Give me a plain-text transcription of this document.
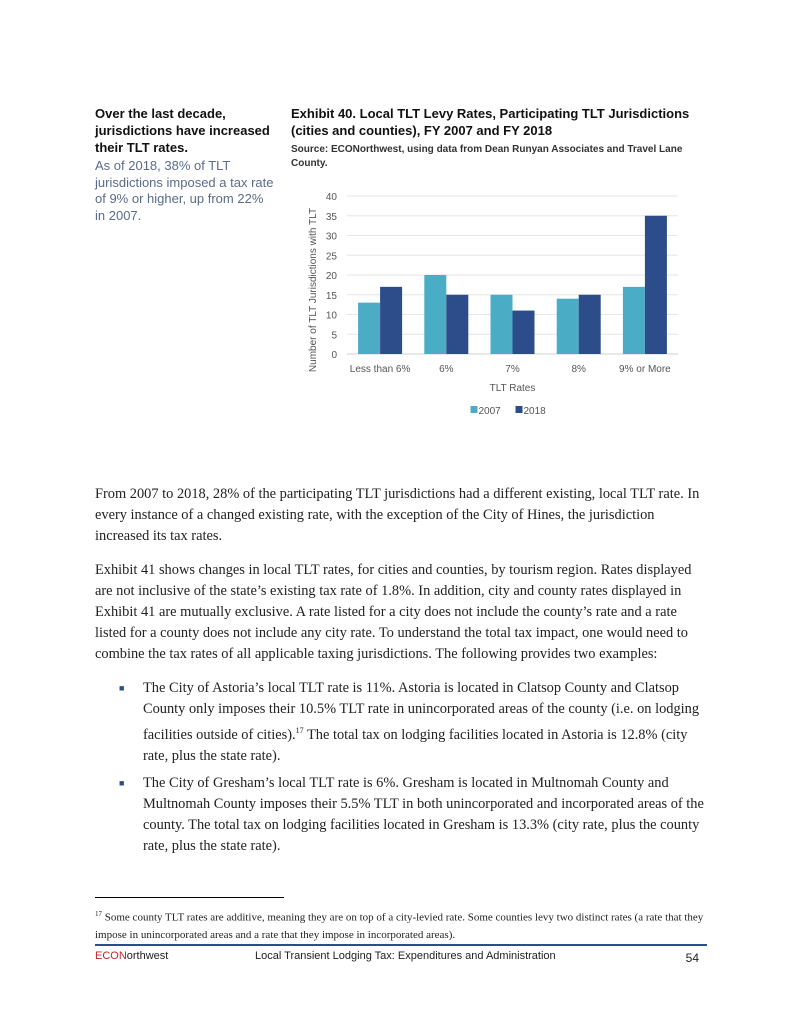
Over the last decade, jurisdictions have increased their TLT rates.
As of 2018, 38% of TLT jurisdictions imposed a tax rate of 9% or higher, up from 22% in 2007.
Exhibit 40. Local TLT Levy Rates, Participating TLT Jurisdictions (cities and counties), FY 2007 and FY 2018
Source: ECONorthwest, using data from Dean Runyan Associates and Travel Lane County.
0
5
10
15
20
25
30
35
40
Less than 6%	6%	7%	8%	9% or More
TLT Rates
Number of TLT Jurisdictions with TLT
2007 2018

From 2007 to 2018, 28% of the participating TLT jurisdictions had a different existing, local TLT rate. In every instance of a changed existing rate, with the exception of the City of Hines, the jurisdiction increased its tax rates.

Exhibit 41 shows changes in local TLT rates, for cities and counties, by tourism region. Rates displayed are not inclusive of the state’s existing tax rate of 1.8%. In addition, city and county rates displayed in Exhibit 41 are mutually exclusive. A rate listed for a city does not include the county’s rate and a rate listed for a county does not include any city rate. To understand the total tax impact, one would need to combine the tax rates of all applicable taxing jurisdictions. The following provides two examples:

■ The City of Astoria’s local TLT rate is 11%. Astoria is located in Clatsop County and Clatsop County only imposes their 10.5% TLT rate in unincorporated areas of the county (i.e. on lodging facilities outside of cities).$^{17}$ The total tax on lodging facilities located in Astoria is 12.8% (city rate, plus the state rate).
■ The City of Gresham’s local TLT rate is 6%. Gresham is located in Multnomah County and Multnomah County imposes their 5.5% TLT in both unincorporated and incorporated areas of the county. The total tax on lodging facilities located in Gresham is 13.3% (city rate, plus the county rate, plus the state rate).
$^{17}$ Some county TLT rates are additive, meaning they are on top of a city-levied rate. Some counties levy two distinct rates (a rate that they impose in unincorporated areas and a rate that they impose in incorporated areas).
ECONorthwest	Local Transient Lodging Tax: Expenditures and Administration	54
